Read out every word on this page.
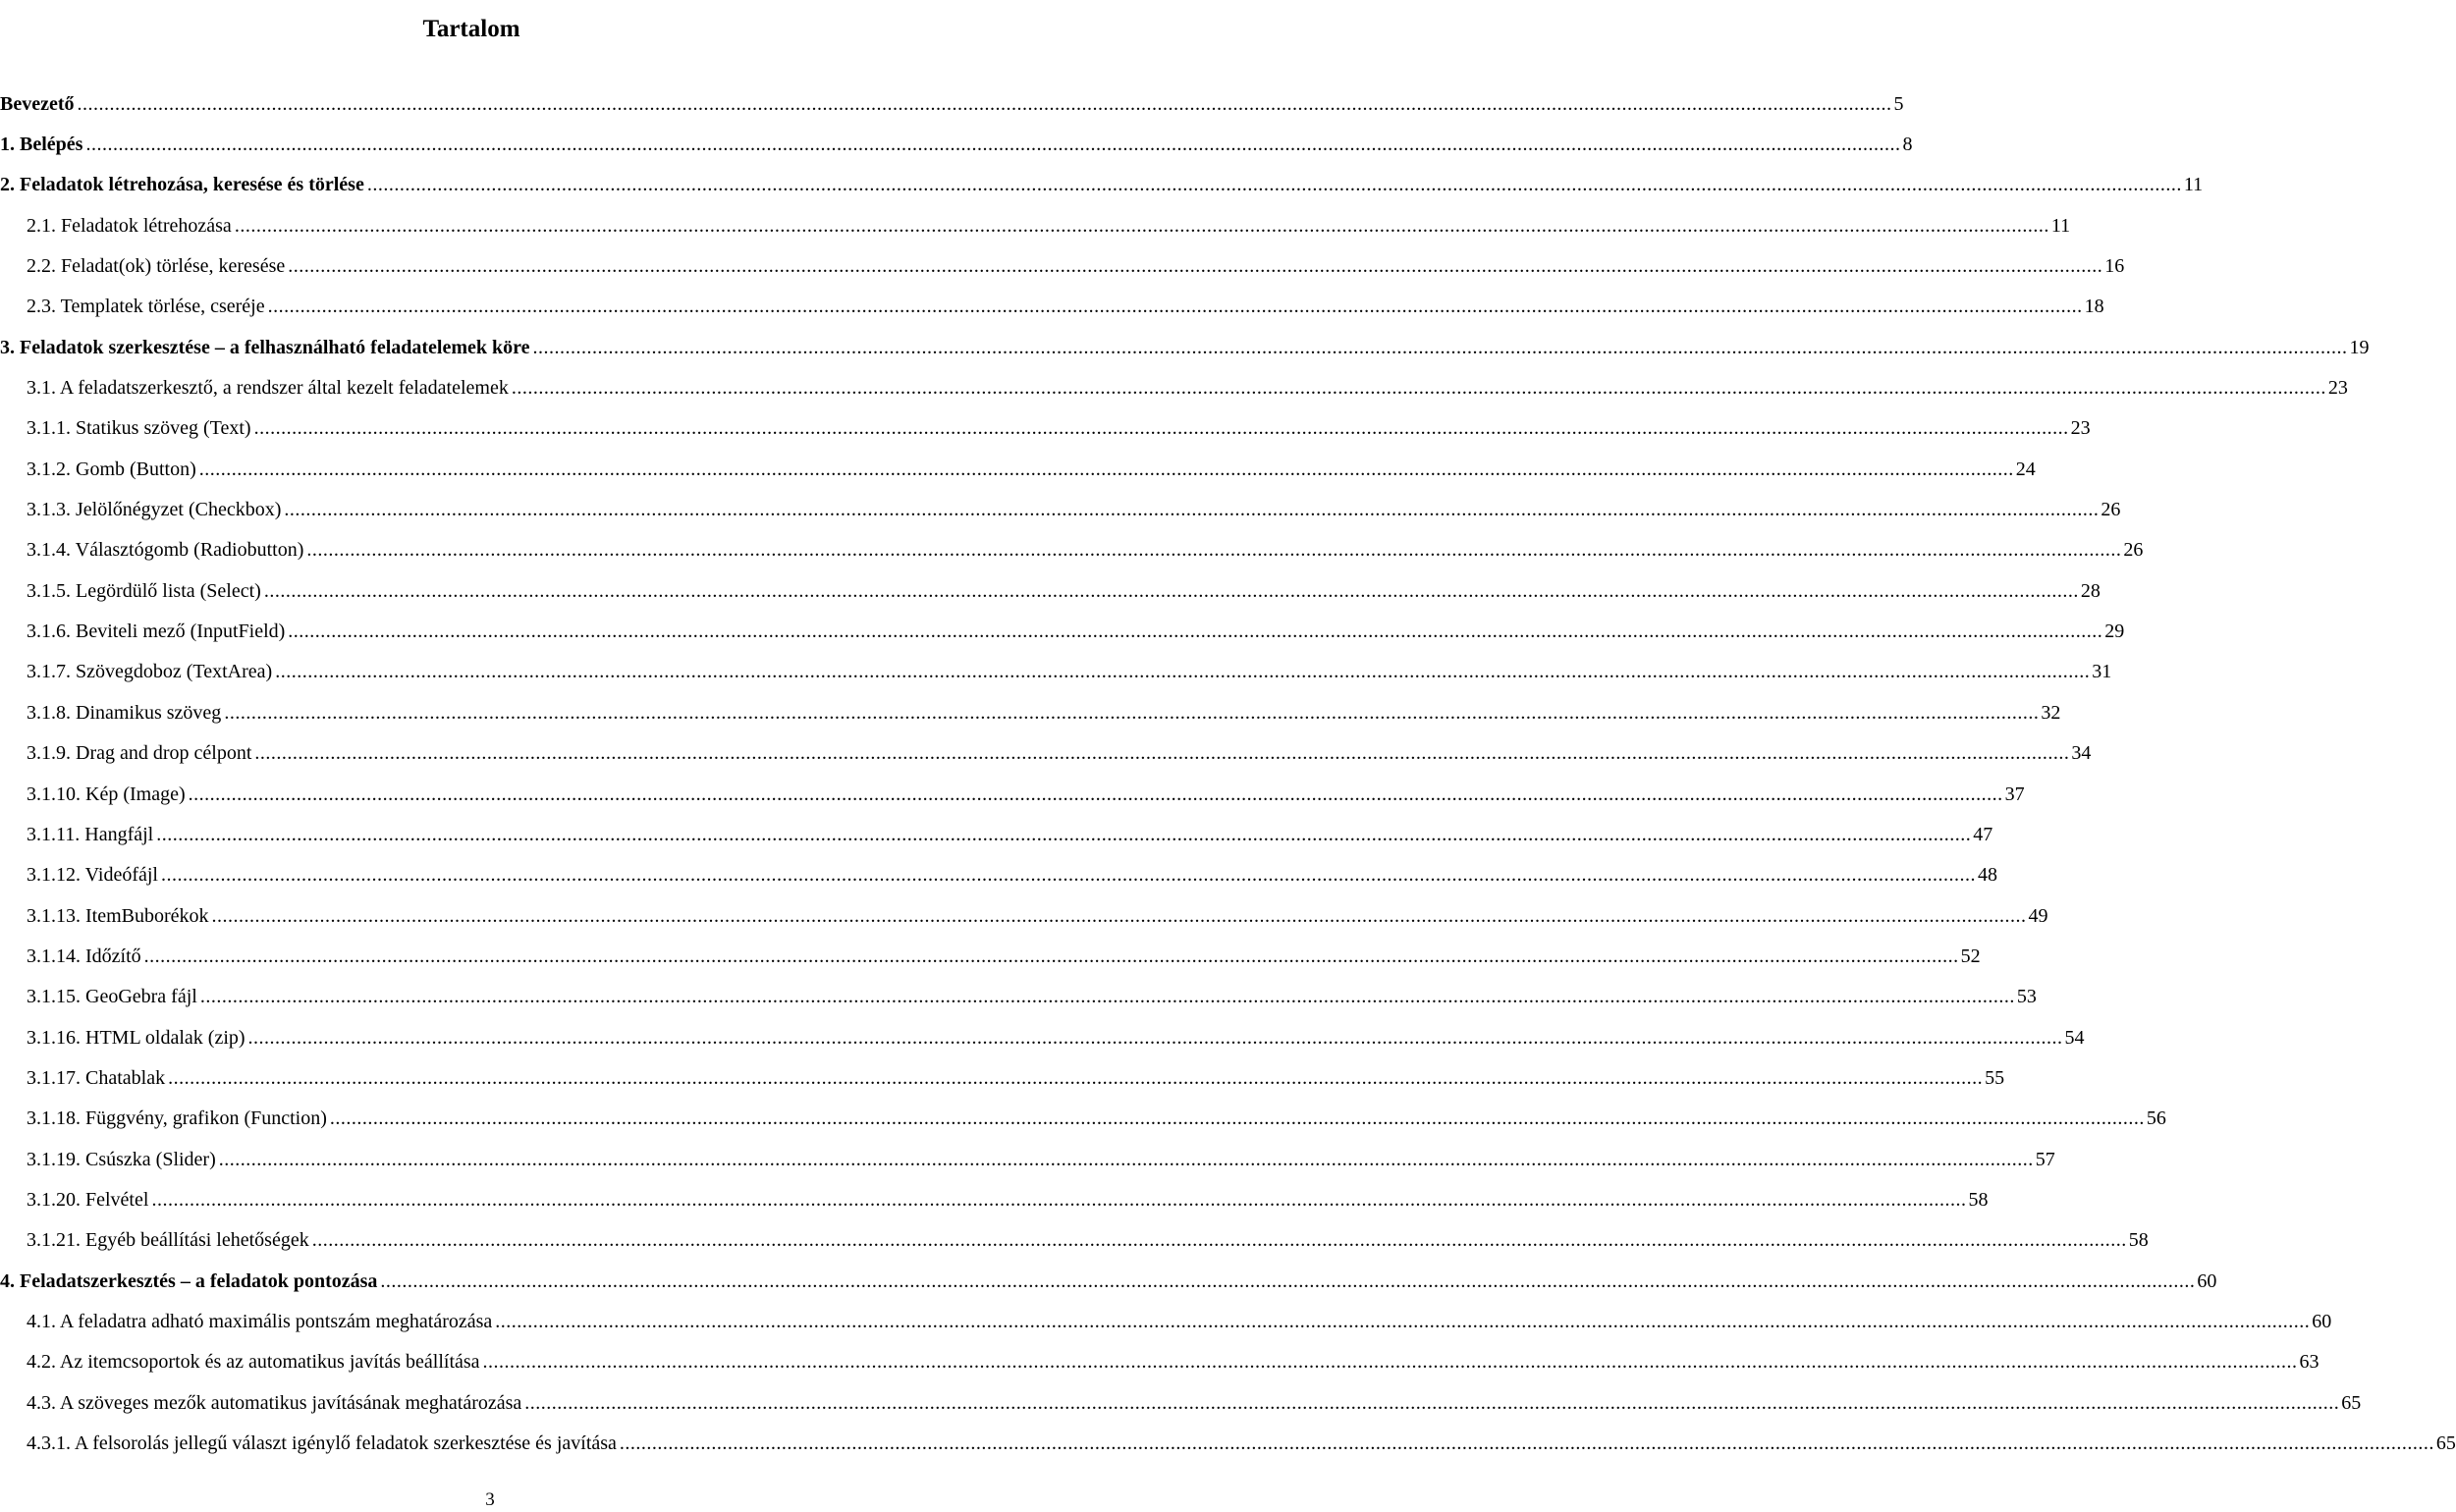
Tartalom
Bevezető .....	5
1. Belépés .....	8
2. Feladatok létrehozása, keresése és törlése .....	11
2.1. Feladatok létrehozása .....	11
2.2. Feladat(ok) törlése, keresése .....	16
2.3. Templatek törlése, cseréje .....	18
3. Feladatok szerkesztése – a felhasználható feladatelemek köre .....	19
3.1. A feladatszerkesztő, a rendszer által kezelt feladatelemek .....	23
3.1.1. Statikus szöveg (Text) .....	23
3.1.2. Gomb (Button) .....	24
3.1.3. Jelölőnégyzet (Checkbox) .....	26
3.1.4. Választógomb (Radiobutton) .....	26
3.1.5. Legördülő lista (Select) .....	28
3.1.6. Beviteli mező (InputField) .....	29
3.1.7. Szövegdoboz (TextArea) .....	31
3.1.8. Dinamikus szöveg .....	32
3.1.9. Drag and drop célpont .....	34
3.1.10. Kép (Image) .....	37
3.1.11. Hangfájl .....	47
3.1.12. Videófájl .....	48
3.1.13. ItemBuborékok .....	49
3.1.14. Időzítő .....	52
3.1.15. GeoGebra fájl .....	53
3.1.16. HTML oldalak (zip) .....	54
3.1.17. Chatablak .....	55
3.1.18. Függvény, grafikon (Function) .....	56
3.1.19. Csúszka (Slider) .....	57
3.1.20. Felvétel .....	58
3.1.21. Egyéb beállítási lehetőségek .....	58
4. Feladatszerkesztés – a feladatok pontozása .....	60
4.1. A feladatra adható maximális pontszám meghatározása .....	60
4.2. Az itemcsoportok és az automatikus javítás beállítása .....	63
4.3. A szöveges mezők automatikus javításának meghatározása .....	65
4.3.1. A felsorolás jellegű választ igénylő feladatok szerkesztése és javítása .....	65
3
